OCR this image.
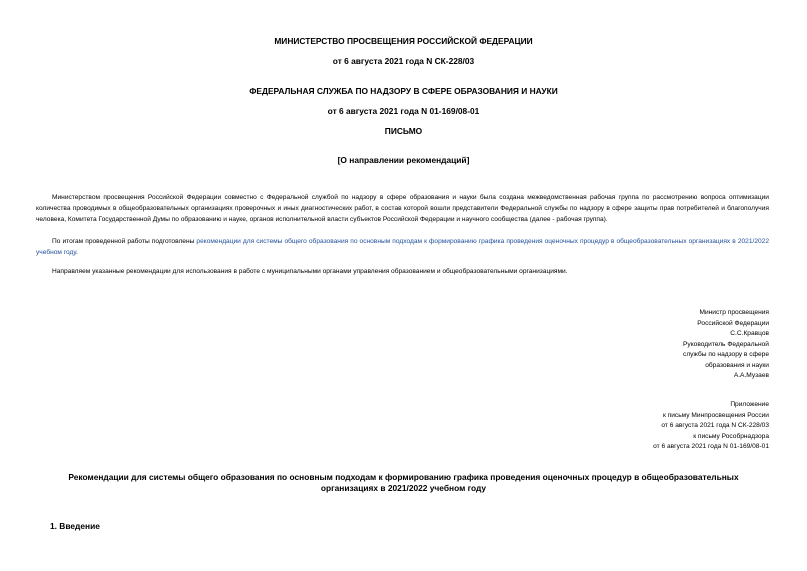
МИНИСТЕРСТВО ПРОСВЕЩЕНИЯ РОССИЙСКОЙ ФЕДЕРАЦИИ
от 6 августа 2021 года N СК-228/03
ФЕДЕРАЛЬНАЯ СЛУЖБА ПО НАДЗОРУ В СФЕРЕ ОБРАЗОВАНИЯ И НАУКИ
от 6 августа 2021 года N 01-169/08-01
ПИСЬМО
[О направлении рекомендаций]
Министерством просвещения Российской Федерации совместно с Федеральной службой по надзору в сфере образования и науки была создана межведомственная рабочая группа по рассмотрению вопроса оптимизации количества проводимых в общеобразовательных организациях проверочных и иных диагностических работ, в состав которой вошли представители Федеральной службы по надзору в сфере защиты прав потребителей и благополучия человека, Комитета Государственной Думы по образованию и науке, органов исполнительной власти субъектов Российской Федерации и научного сообщества (далее - рабочая группа).
По итогам проведенной работы подготовлены рекомендации для системы общего образования по основным подходам к формированию графика проведения оценочных процедур в общеобразовательных организациях в 2021/2022 учебном году.
Направляем указанные рекомендации для использования в работе с муниципальными органами управления образованием и общеобразовательными организациями.
Министр просвещения
Российской Федерации
С.С.Кравцов
Руководитель Федеральной
службы по надзору в сфере
образования и науки
А.А.Музаев
Приложение
к письму Минпросвещения России
от 6 августа 2021 года N СК-228/03
к письму Рособрнадзора
от 6 августа 2021 года N 01-169/08-01
Рекомендации для системы общего образования по основным подходам к формированию графика проведения оценочных процедур в общеобразовательных
организациях в 2021/2022 учебном году
1. Введение
